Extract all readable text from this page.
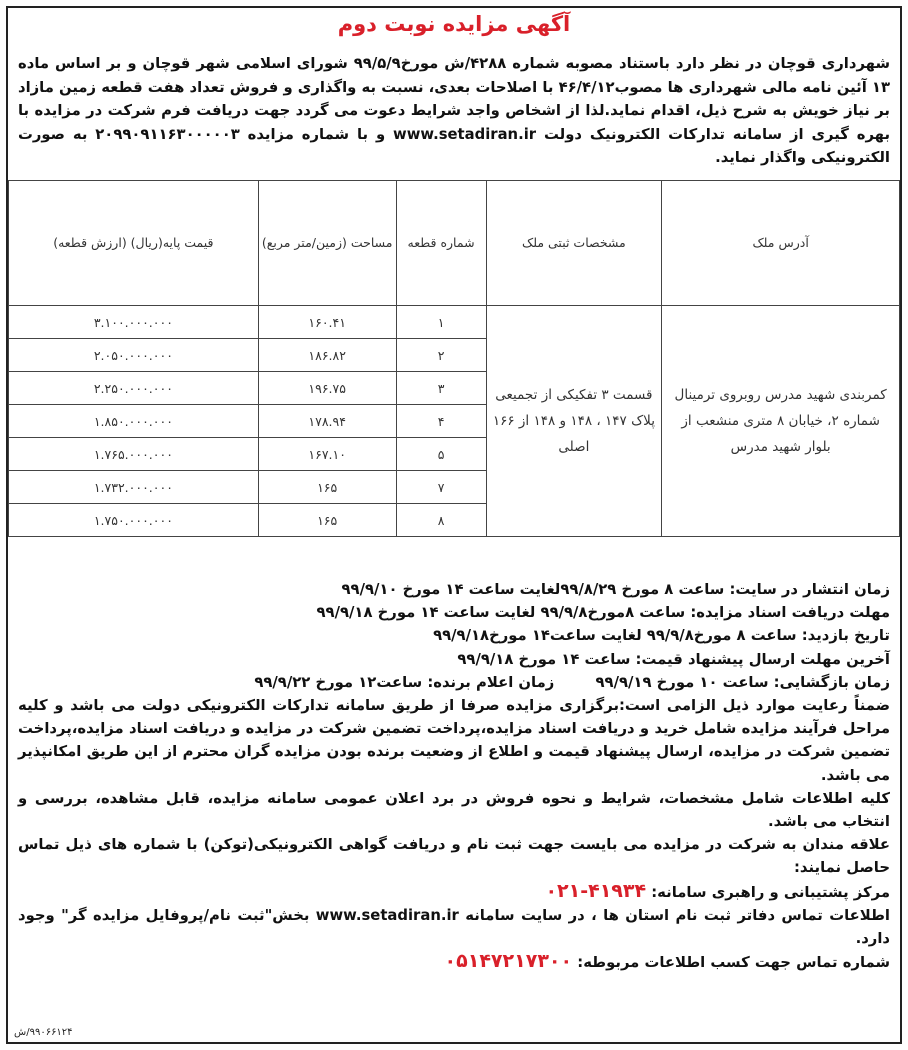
آگهی مزایده نوبت دوم

شهرداری قوچان در نظر دارد باستناد مصوبه شماره ۴۲۸۸/ش مورخ۹۹/۵/۹ شورای اسلامی شهر قوچان و بر اساس ماده ۱۳ آئین نامه مالی شهرداری ها مصوب۴۶/۴/۱۲ با اصلاحات بعدی، نسبت به واگذاری و فروش تعداد هفت قطعه زمین مازاد بر نیاز خویش به شرح ذیل، اقدام نماید.لذا از اشخاص واجد شرایط دعوت می گردد جهت دریافت فرم شرکت در مزایده با بهره گیری از سامانه تدارکات الکترونیک دولت www.setadiran.ir و با شماره مزایده ۲۰۹۹۰۹۱۱۶۳۰۰۰۰۰۳ به صورت الکترونیکی واگذار نماید.

آدرس ملک	مشخصات ثبتی ملک	شماره قطعه	مساحت (زمین/متر مربع)	قیمت پایه(ریال) (ارزش قطعه)
کمربندی شهید مدرس روبروی ترمینال شماره ۲، خیابان ۸ متری منشعب از بلوار شهید مدرس	قسمت ۳ تفکیکی از تجمیعی پلاک ۱۴۷ ، ۱۴۸ و ۱۴۸ از ۱۶۶ اصلی	۱	۱۶۰.۴۱	۳.۱۰۰.۰۰۰.۰۰۰
		۲	۱۸۶.۸۲	۲.۰۵۰.۰۰۰.۰۰۰
		۳	۱۹۶.۷۵	۲.۲۵۰.۰۰۰.۰۰۰
		۴	۱۷۸.۹۴	۱.۸۵۰.۰۰۰.۰۰۰
		۵	۱۶۷.۱۰	۱.۷۶۵.۰۰۰.۰۰۰
		۷	۱۶۵	۱.۷۳۲.۰۰۰.۰۰۰
		۸	۱۶۵	۱.۷۵۰.۰۰۰.۰۰۰

زمان انتشار در سایت: ساعت ۸ مورخ ۹۹/۸/۲۹لغایت ساعت ۱۴ مورخ ۹۹/۹/۱۰

مهلت دریافت اسناد مزایده: ساعت ۸مورخ۹۹/۹/۸ لغایت ساعت ۱۴ مورخ ۹۹/۹/۱۸

تاریخ بازدید: ساعت ۸ مورخ۹۹/۹/۸ لغایت ساعت۱۴ مورخ۹۹/۹/۱۸

آخرین مهلت ارسال پیشنهاد قیمت: ساعت ۱۴ مورخ ۹۹/۹/۱۸

زمان بازگشایی: ساعت ۱۰ مورخ ۹۹/۹/۱۹        زمان اعلام برنده: ساعت۱۲ مورخ ۹۹/۹/۲۲

ضمناً رعایت موارد ذیل الزامی است:برگزاری مزایده صرفا از طریق سامانه تدارکات الکترونیکی دولت می باشد و کلیه مراحل فرآیند مزایده شامل خرید و دریافت اسناد مزایده،پرداخت تضمین شرکت در مزایده و دریافت اسناد مزایده،پرداخت تضمین شرکت در مزایده، ارسال پیشنهاد قیمت و اطلاع از وضعیت برنده بودن مزایده گران محترم از این طریق امکانپذیر می باشد.

کلیه اطلاعات شامل مشخصات، شرایط و نحوه فروش در برد اعلان عمومی سامانه مزایده، قابل مشاهده، بررسی و انتخاب می باشد.

علاقه مندان به شرکت در مزایده می بایست جهت ثبت نام و دریافت گواهی الکترونیکی(توکن) با شماره های ذیل تماس حاصل نمایند:

مرکز پشتیبانی و راهبری سامانه: ۰۲۱-۴۱۹۳۴

اطلاعات تماس دفاتر ثبت نام استان ها ، در سایت سامانه www.setadiran.ir بخش"ثبت نام/پروفایل مزایده گر" وجود دارد.

شماره تماس جهت کسب اطلاعات مربوطه: ۰۵۱۴۷۲۱۷۳۰۰

۹۹۰۶۶۱۲۴/ش
